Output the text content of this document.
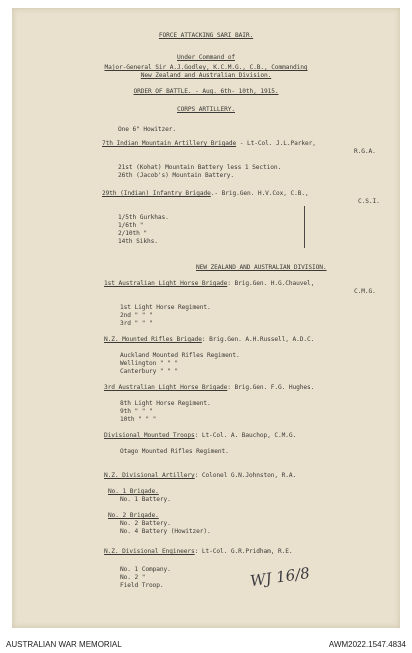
FORCE ATTACKING SARI BAIR.
Under Command of
Major-General Sir A.J.Godley, K.C.M.G., C.B., Commanding
New Zealand and Australian Division.
ORDER OF BATTLE. - Aug. 6th- 10th, 1915.
CORPS ARTILLERY.
One 6" Howitzer.
7th Indian Mountain Artillery Brigade - Lt-Col. J.L.Parker,
R.G.A.
21st (Kohat) Mountain Battery less 1 Section.
26th (Jacob's) Mountain Battery.
29th (Indian) Infantry Brigade.- Brig.Gen. H.V.Cox, C.B.,
C.S.I.
1/5th Gurkhas.
1/6th "
2/10th "
14th Sikhs.
NEW ZEALAND AND AUSTRALIAN DIVISION.
1st Australian Light Horse Brigade: Brig.Gen. H.G.Chauvel,
C.M.G.
1st Light Horse Regiment.
2nd " " "
3rd " " "
N.Z. Mounted Rifles Brigade: Brig.Gen. A.H.Russell, A.D.C.
Auckland Mounted Rifles Regiment.
Wellington " " "
Canterbury " " "
3rd Australian Light Horse Brigade: Brig.Gen. F.G. Hughes.
8th Light Horse Regiment.
9th " " "
10th " " "
Divisional Mounted Troops: Lt-Col. A. Bauchop, C.M.G.
Otago Mounted Rifles Regiment.
N.Z. Divisional Artillery: Colonel G.N.Johnston, R.A.
No. 1 Brigade.
No. 1 Battery.
No. 2 Brigade.
No. 2 Battery.
No. 4 Battery (Howitzer).
N.Z. Divisional Engineers: Lt-Col. G.R.Pridham, R.E.
No. 1 Company.
No. 2 "
Field Troop.	WJ 16/8
AUSTRALIAN WAR MEMORIAL	AWM2022.1547.4834
